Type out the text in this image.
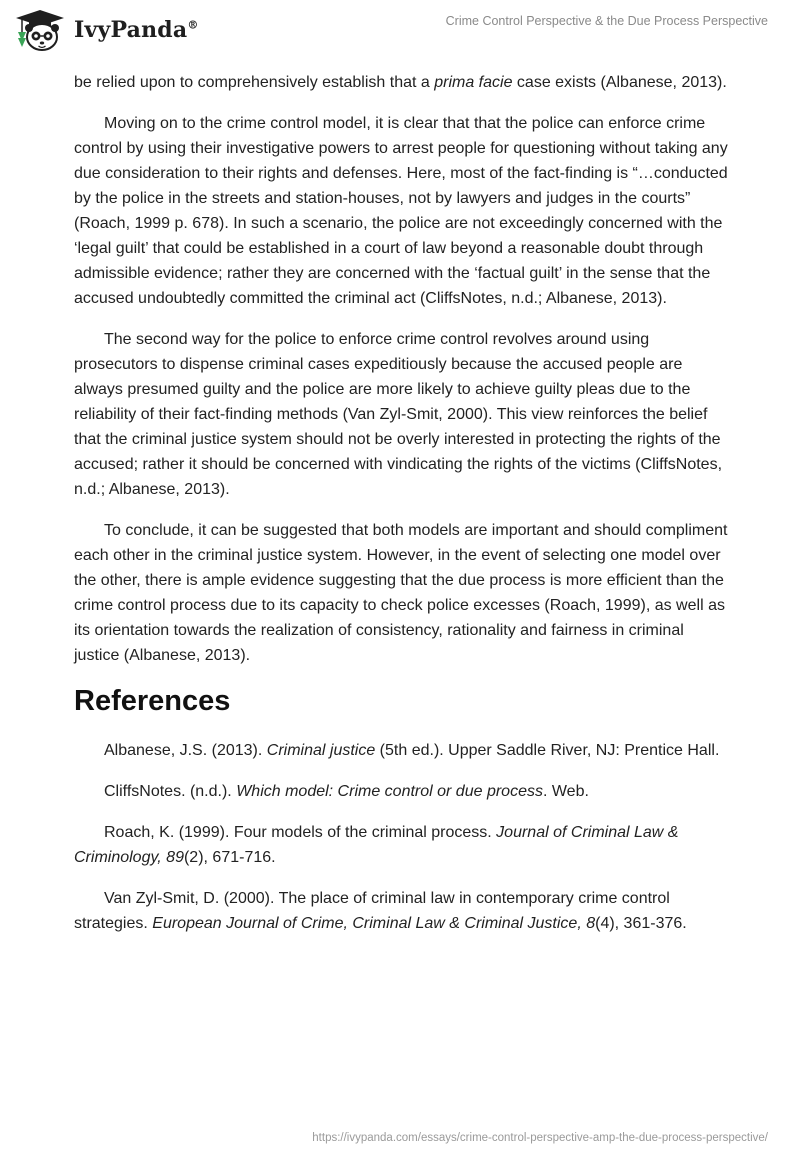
IvyPanda®	Crime Control Perspective & the Due Process Perspective

be relied upon to comprehensively establish that a prima facie case exists (Albanese, 2013).

Moving on to the crime control model, it is clear that that the police can enforce crime control by using their investigative powers to arrest people for questioning without taking any due consideration to their rights and defenses. Here, most of the fact-finding is “…conducted by the police in the streets and station-houses, not by lawyers and judges in the courts” (Roach, 1999 p. 678). In such a scenario, the police are not exceedingly concerned with the ‘legal guilt’ that could be established in a court of law beyond a reasonable doubt through admissible evidence; rather they are concerned with the ‘factual guilt’ in the sense that the accused undoubtedly committed the criminal act (CliffsNotes, n.d.; Albanese, 2013).

The second way for the police to enforce crime control revolves around using prosecutors to dispense criminal cases expeditiously because the accused people are always presumed guilty and the police are more likely to achieve guilty pleas due to the reliability of their fact-finding methods (Van Zyl-Smit, 2000). This view reinforces the belief that the criminal justice system should not be overly interested in protecting the rights of the accused; rather it should be concerned with vindicating the rights of the victims (CliffsNotes, n.d.; Albanese, 2013).

To conclude, it can be suggested that both models are important and should compliment each other in the criminal justice system. However, in the event of selecting one model over the other, there is ample evidence suggesting that the due process is more efficient than the crime control process due to its capacity to check police excesses (Roach, 1999), as well as its orientation towards the realization of consistency, rationality and fairness in criminal justice (Albanese, 2013).

References

Albanese, J.S. (2013). Criminal justice (5th ed.). Upper Saddle River, NJ: Prentice Hall.

CliffsNotes. (n.d.). Which model: Crime control or due process. Web.

Roach, K. (1999). Four models of the criminal process. Journal of Criminal Law & Criminology, 89(2), 671-716.

Van Zyl-Smit, D. (2000). The place of criminal law in contemporary crime control strategies. European Journal of Crime, Criminal Law & Criminal Justice, 8(4), 361-376.

https://ivypanda.com/essays/crime-control-perspective-amp-the-due-process-perspective/
